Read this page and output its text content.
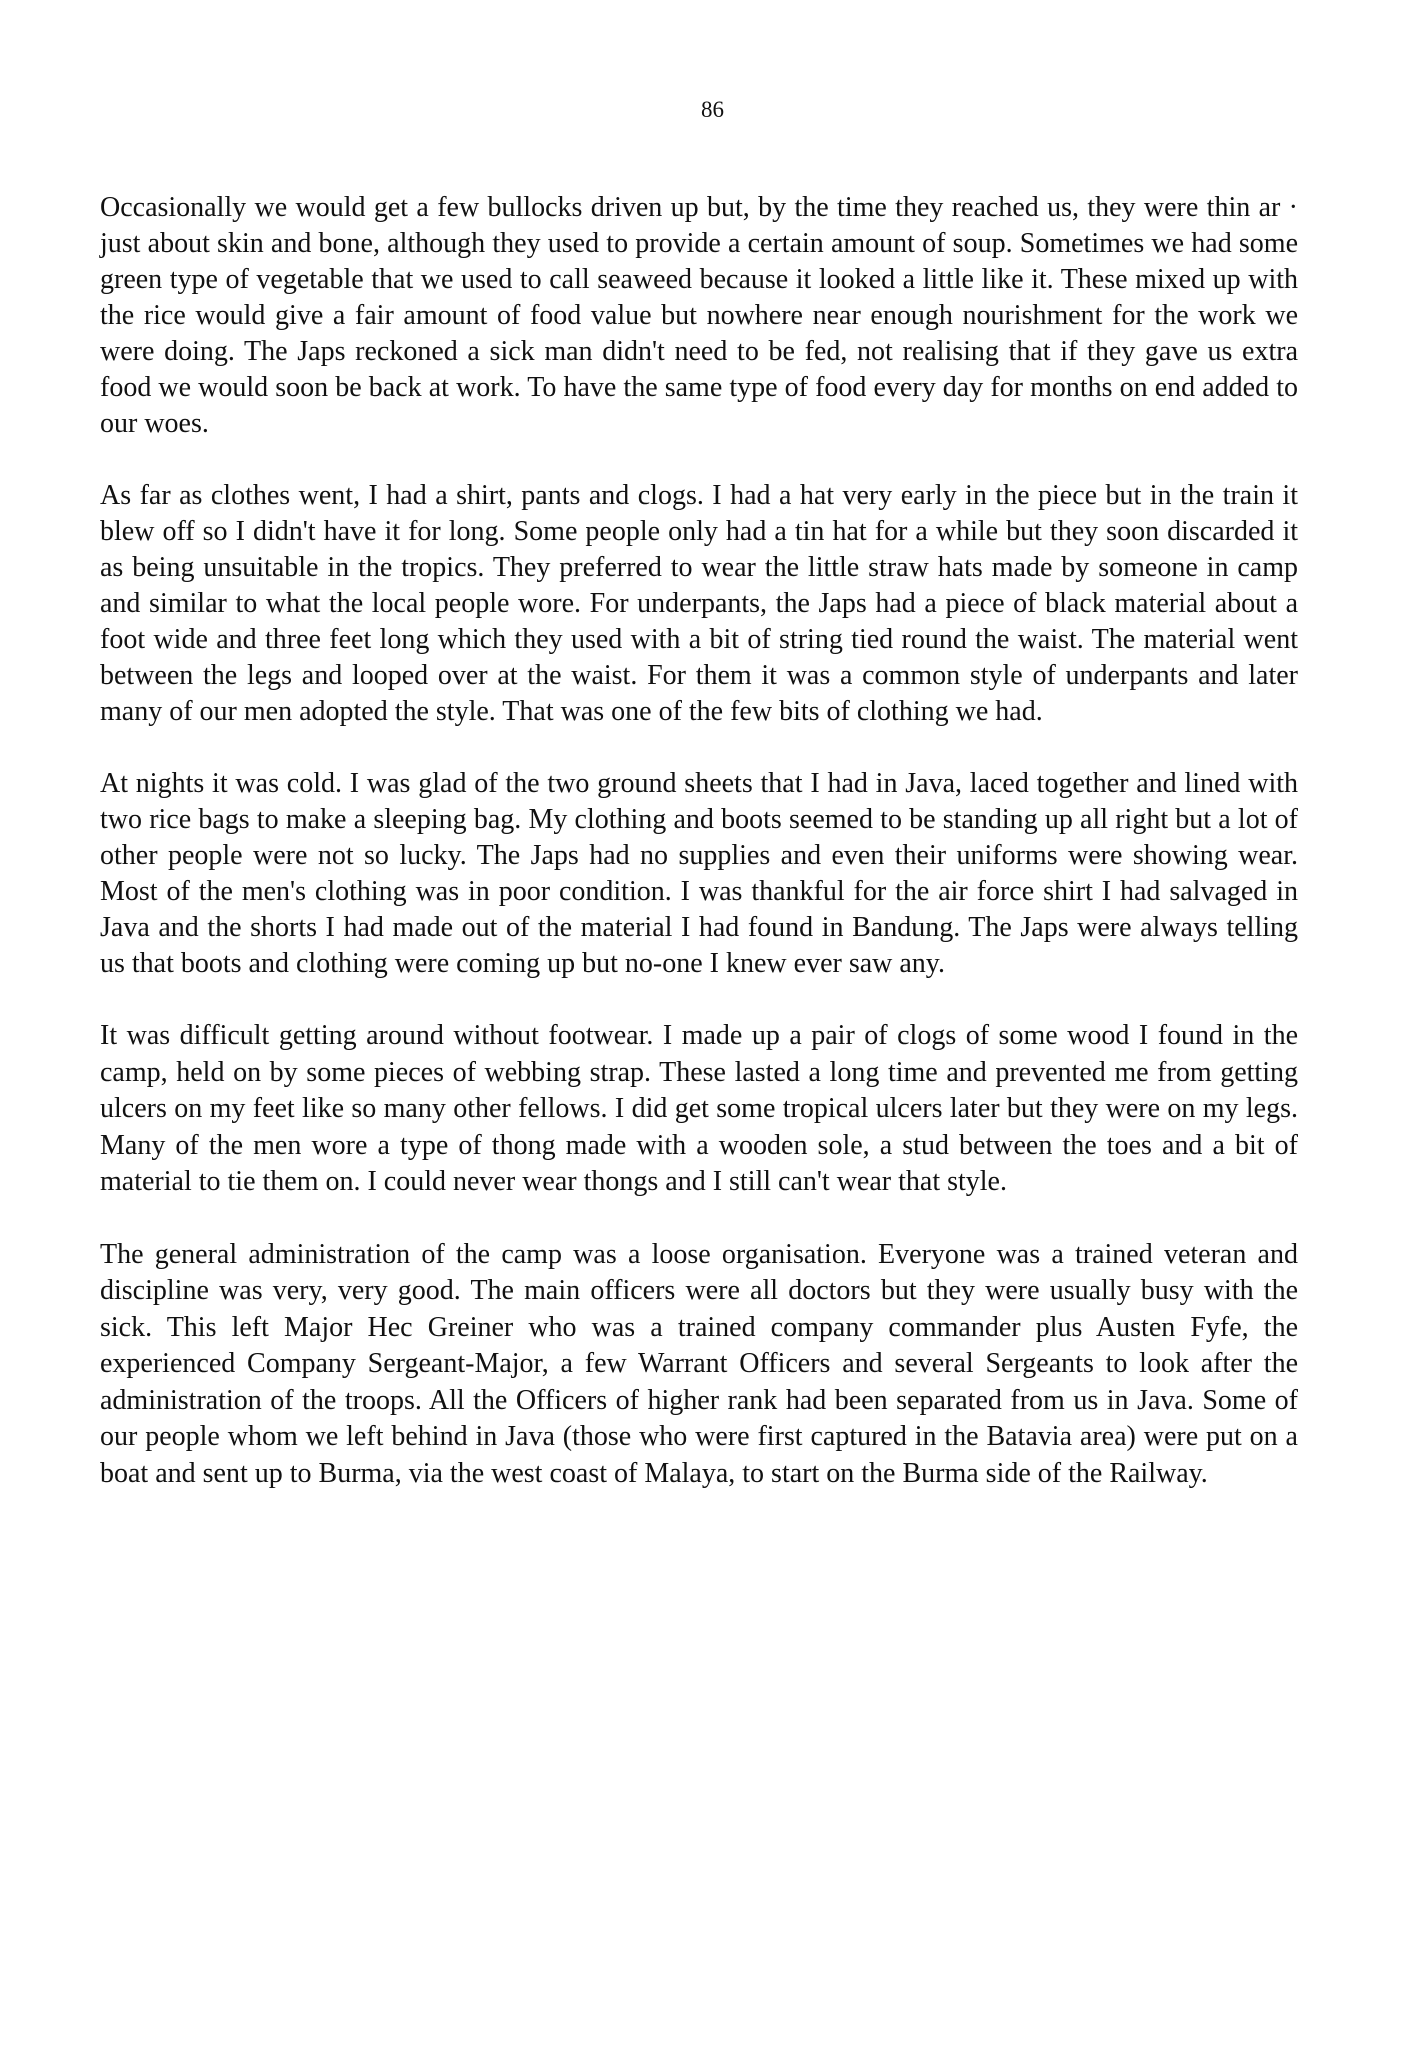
86

Occasionally we would get a few bullocks driven up but, by the time they reached us, they were thin ar · just about skin and bone, although they used to provide a certain amount of soup. Sometimes we had some green type of vegetable that we used to call seaweed because it looked a little like it. These mixed up with the rice would give a fair amount of food value but nowhere near enough nourishment for the work we were doing. The Japs reckoned a sick man didn't need to be fed, not realising that if they gave us extra food we would soon be back at work. To have the same type of food every day for months on end added to our woes.

As far as clothes went, I had a shirt, pants and clogs. I had a hat very early in the piece but in the train it blew off so I didn't have it for long. Some people only had a tin hat for a while but they soon discarded it as being unsuitable in the tropics. They preferred to wear the little straw hats made by someone in camp and similar to what the local people wore. For underpants, the Japs had a piece of black material about a foot wide and three feet long which they used with a bit of string tied round the waist. The material went between the legs and looped over at the waist. For them it was a common style of underpants and later many of our men adopted the style. That was one of the few bits of clothing we had.

At nights it was cold. I was glad of the two ground sheets that I had in Java, laced together and lined with two rice bags to make a sleeping bag. My clothing and boots seemed to be standing up all right but a lot of other people were not so lucky. The Japs had no supplies and even their uniforms were showing wear. Most of the men's clothing was in poor condition. I was thankful for the air force shirt I had salvaged in Java and the shorts I had made out of the material I had found in Bandung. The Japs were always telling us that boots and clothing were coming up but no-one I knew ever saw any.

It was difficult getting around without footwear. I made up a pair of clogs of some wood I found in the camp, held on by some pieces of webbing strap. These lasted a long time and prevented me from getting ulcers on my feet like so many other fellows. I did get some tropical ulcers later but they were on my legs. Many of the men wore a type of thong made with a wooden sole, a stud between the toes and a bit of material to tie them on. I could never wear thongs and I still can't wear that style.

The general administration of the camp was a loose organisation. Everyone was a trained veteran and discipline was very, very good. The main officers were all doctors but they were usually busy with the sick. This left Major Hec Greiner who was a trained company commander plus Austen Fyfe, the experienced Company Sergeant-Major, a few Warrant Officers and several Sergeants to look after the administration of the troops. All the Officers of higher rank had been separated from us in Java. Some of our people whom we left behind in Java (those who were first captured in the Batavia area) were put on a boat and sent up to Burma, via the west coast of Malaya, to start on the Burma side of the Railway.
